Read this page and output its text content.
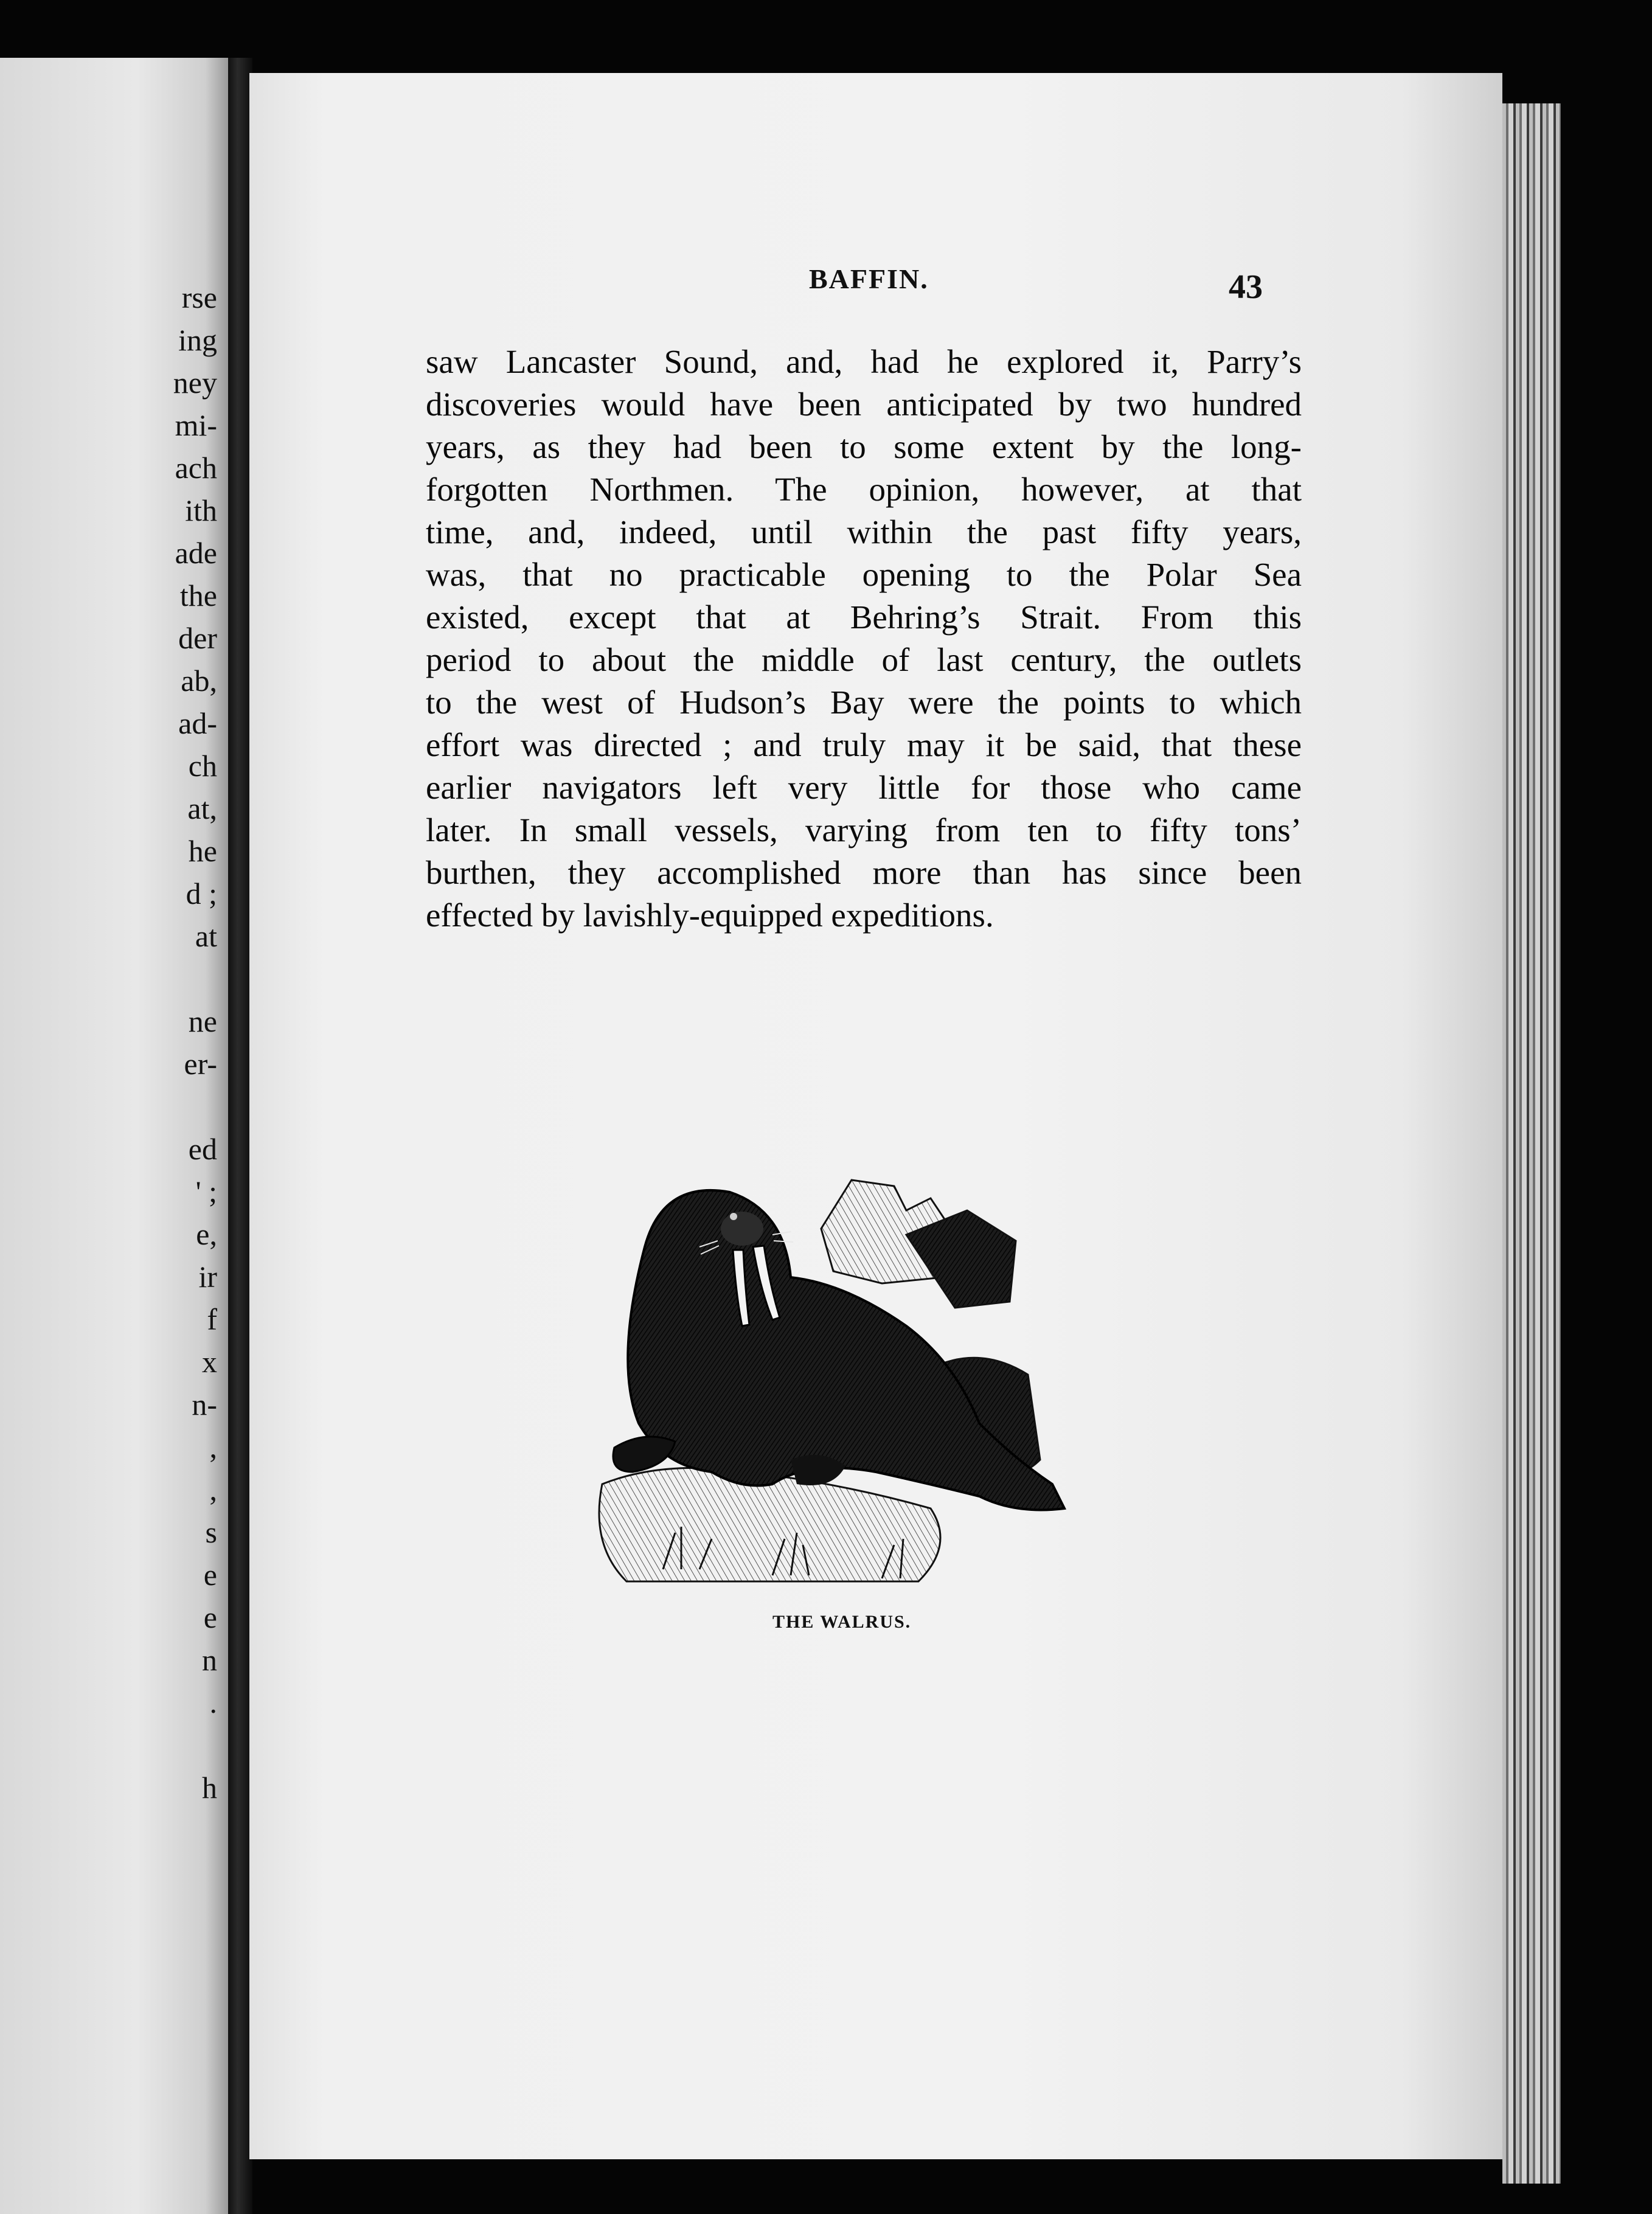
rse

ing

ney

mi-

ach

ith

ade

the

der

ab,

ad-

ch

at,

he

d ;

at

ne

er-

ed

' ;

e,

ir

f

x

n-

,

,

s

e

e

n

.

h

BAFFIN.	43

saw Lancaster Sound, and, had he explored it, Parry’s
discoveries would have been anticipated by two hundred
years, as they had been to some extent by the long-
forgotten Northmen. The opinion, however, at that
time, and, indeed, until within the past fifty years,
was, that no practicable opening to the Polar Sea
existed, except that at Behring’s Strait. From this
period to about the middle of last century, the outlets
to the west of Hudson’s Bay were the points to which
effort was directed ; and truly may it be said, that these
earlier navigators left very little for those who came
later. In small vessels, varying from ten to fifty tons’
burthen, they accomplished more than has since been
effected by lavishly-equipped expeditions.

THE WALRUS.
